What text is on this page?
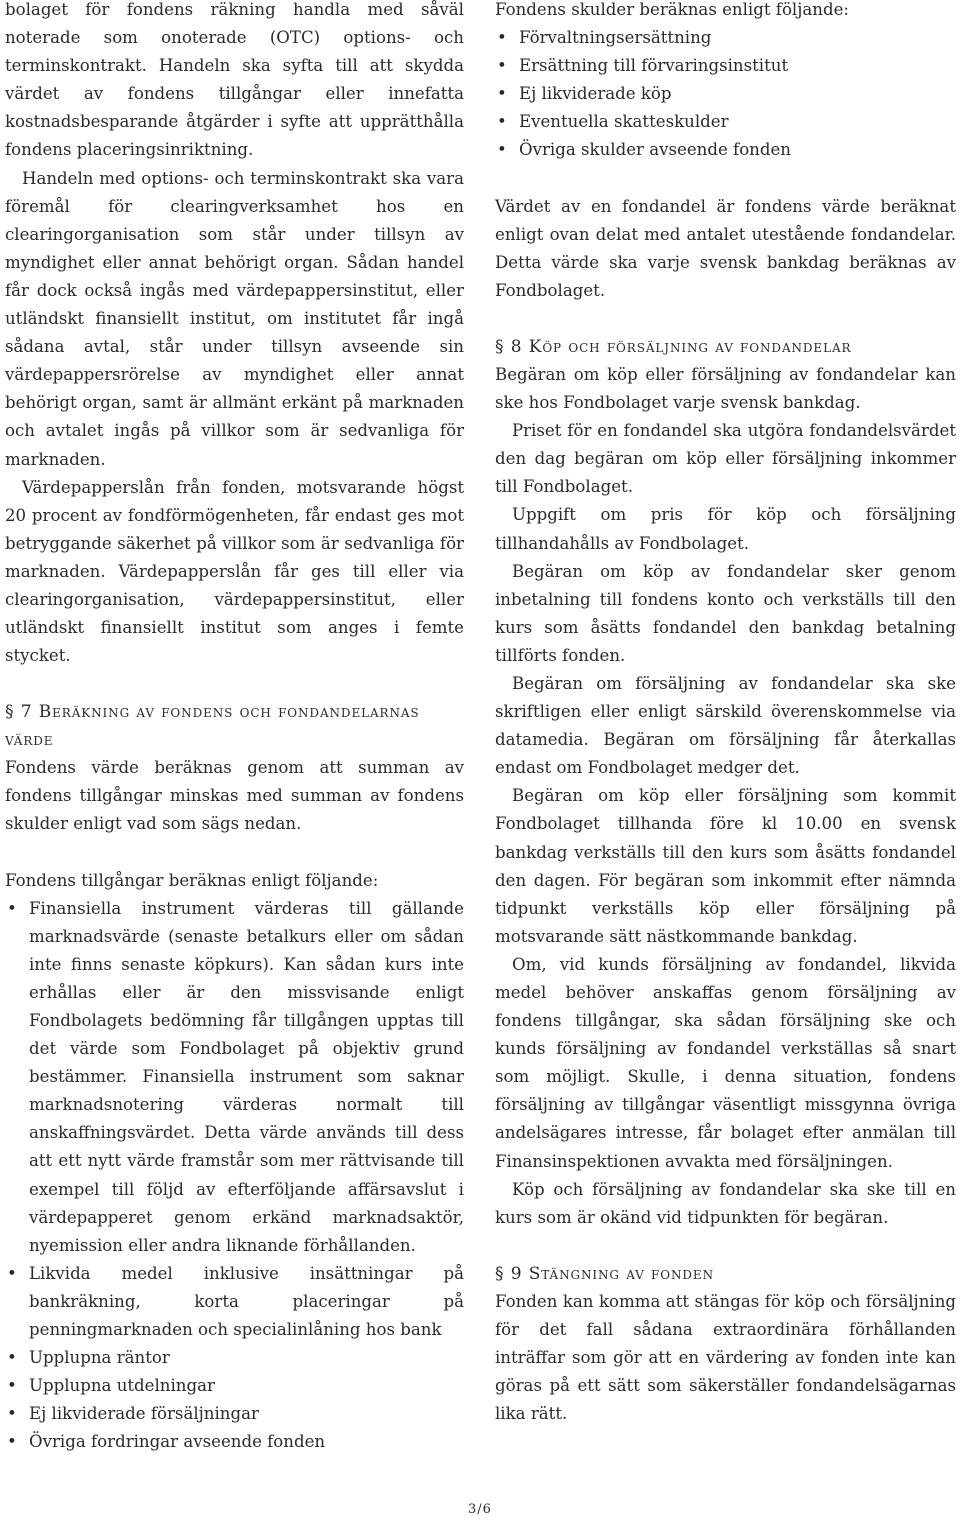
bolaget för fondens räkning handla med såväl noterade som onoterade (OTC) options- och terminskontrakt. Handeln ska syfta till att skydda värdet av fondens tillgångar eller innefatta kostnadsbesparande åtgärder i syfte att upprätthålla fondens placeringsinriktning.

Handeln med options- och terminskontrakt ska vara föremål för clearingverksamhet hos en clearingorganisation som står under tillsyn av myndighet eller annat behörigt organ. Sådan handel får dock också ingås med värdepappersinstitut, eller utländskt finansiellt institut, om institutet får ingå sådana avtal, står under tillsyn avseende sin värdepappersrörelse av myndighet eller annat behörigt organ, samt är allmänt erkänt på marknaden och avtalet ingås på villkor som är sedvanliga för marknaden.

Värdepapperslån från fonden, motsvarande högst 20 procent av fondförmögenheten, får endast ges mot betryggande säkerhet på villkor som är sedvanliga för marknaden. Värdepapperslån får ges till eller via clearingorganisation, värdepappersinstitut, eller utländskt finansiellt institut som anges i femte stycket.

§ 7 Beräkning av fondens och fondandelarnas värde

Fondens värde beräknas genom att summan av fondens tillgångar minskas med summan av fondens skulder enligt vad som sägs nedan.

Fondens tillgångar beräknas enligt följande:

• Finansiella instrument värderas till gällande marknadsvärde (senaste betalkurs eller om sådan inte finns senaste köpkurs). Kan sådan kurs inte erhållas eller är den missvisande enligt Fondbolagets bedömning får tillgången upptas till det värde som Fondbolaget på objektiv grund bestämmer. Finansiella instrument som saknar marknadsnotering värderas normalt till anskaffningsvärdet. Detta värde används till dess att ett nytt värde framstår som mer rättvisande till exempel till följd av efterföljande affärsavslut i värdepapperet genom erkänd marknadsaktör, nyemission eller andra liknande förhållanden.
• Likvida medel inklusive insättningar på bankräkning, korta placeringar på penningmarknaden och specialinlåning hos bank
• Upplupna räntor
• Upplupna utdelningar
• Ej likviderade försäljningar
• Övriga fordringar avseende fonden

Fondens skulder beräknas enligt följande:

• Förvaltningsersättning
• Ersättning till förvaringsinstitut
• Ej likviderade köp
• Eventuella skatteskulder
• Övriga skulder avseende fonden

Värdet av en fondandel är fondens värde beräknat enligt ovan delat med antalet utestående fondandelar. Detta värde ska varje svensk bankdag beräknas av Fondbolaget.

§ 8 Köp och försäljning av fondandelar

Begäran om köp eller försäljning av fondandelar kan ske hos Fondbolaget varje svensk bankdag.

Priset för en fondandel ska utgöra fondandelsvärdet den dag begäran om köp eller försäljning inkommer till Fondbolaget.

Uppgift om pris för köp och försäljning tillhandahålls av Fondbolaget.

Begäran om köp av fondandelar sker genom inbetalning till fondens konto och verkställs till den kurs som åsätts fondandel den bankdag betalning tillförts fonden.

Begäran om försäljning av fondandelar ska ske skriftligen eller enligt särskild överenskommelse via datamedia. Begäran om försäljning får återkallas endast om Fondbolaget medger det.

Begäran om köp eller försäljning som kommit Fondbolaget tillhanda före kl 10.00 en svensk bankdag verkställs till den kurs som åsätts fondandel den dagen. För begäran som inkommit efter nämnda tidpunkt verkställs köp eller försäljning på motsvarande sätt nästkommande bankdag.

Om, vid kunds försäljning av fondandel, likvida medel behöver anskaffas genom försäljning av fondens tillgångar, ska sådan försäljning ske och kunds försäljning av fondandel verkställas så snart som möjligt. Skulle, i denna situation, fondens försäljning av tillgångar väsentligt missgynna övriga andelsägares intresse, får bolaget efter anmälan till Finansinspektionen avvakta med försäljningen.

Köp och försäljning av fondandelar ska ske till en kurs som är okänd vid tidpunkten för begäran.

§ 9 Stängning av fonden

Fonden kan komma att stängas för köp och försäljning för det fall sådana extraordinära förhållanden inträffar som gör att en värdering av fonden inte kan göras på ett sätt som säkerställer fondandelsägarnas lika rätt.

3/6
